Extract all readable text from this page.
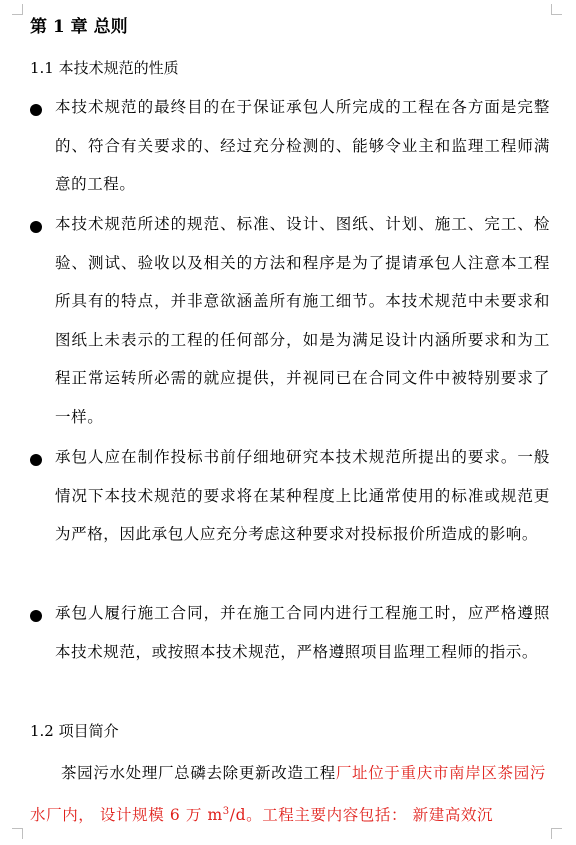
第 1 章 总则
1.1 本技术规范的性质
本技术规范的最终目的在于保证承包人所完成的工程在各方面是完整的、符合有关要求的、经过充分检测的、能够令业主和监理工程师满意的工程。
本技术规范所述的规范、标准、设计、图纸、计划、施工、完工、检验、测试、验收以及相关的方法和程序是为了提请承包人注意本工程所具有的特点，并非意欲涵盖所有施工细节。本技术规范中未要求和图纸上未表示的工程的任何部分，如是为满足设计内涵所要求和为工程正常运转所必需的就应提供，并视同已在合同文件中被特别要求了一样。
承包人应在制作投标书前仔细地研究本技术规范所提出的要求。一般情况下本技术规范的要求将在某种程度上比通常使用的标准或规范更为严格，因此承包人应充分考虑这种要求对投标报价所造成的影响。
承包人履行施工合同，并在施工合同内进行工程施工时，应严格遵照本技术规范，或按照本技术规范，严格遵照项目监理工程师的指示。
1.2 项目简介
茶园污水处理厂总磷去除更新改造工程厂址位于重庆市南岸区茶园污水厂内， 设计规模 6 万 $m^3/d$。工程主要内容包括： 新建高效沉
